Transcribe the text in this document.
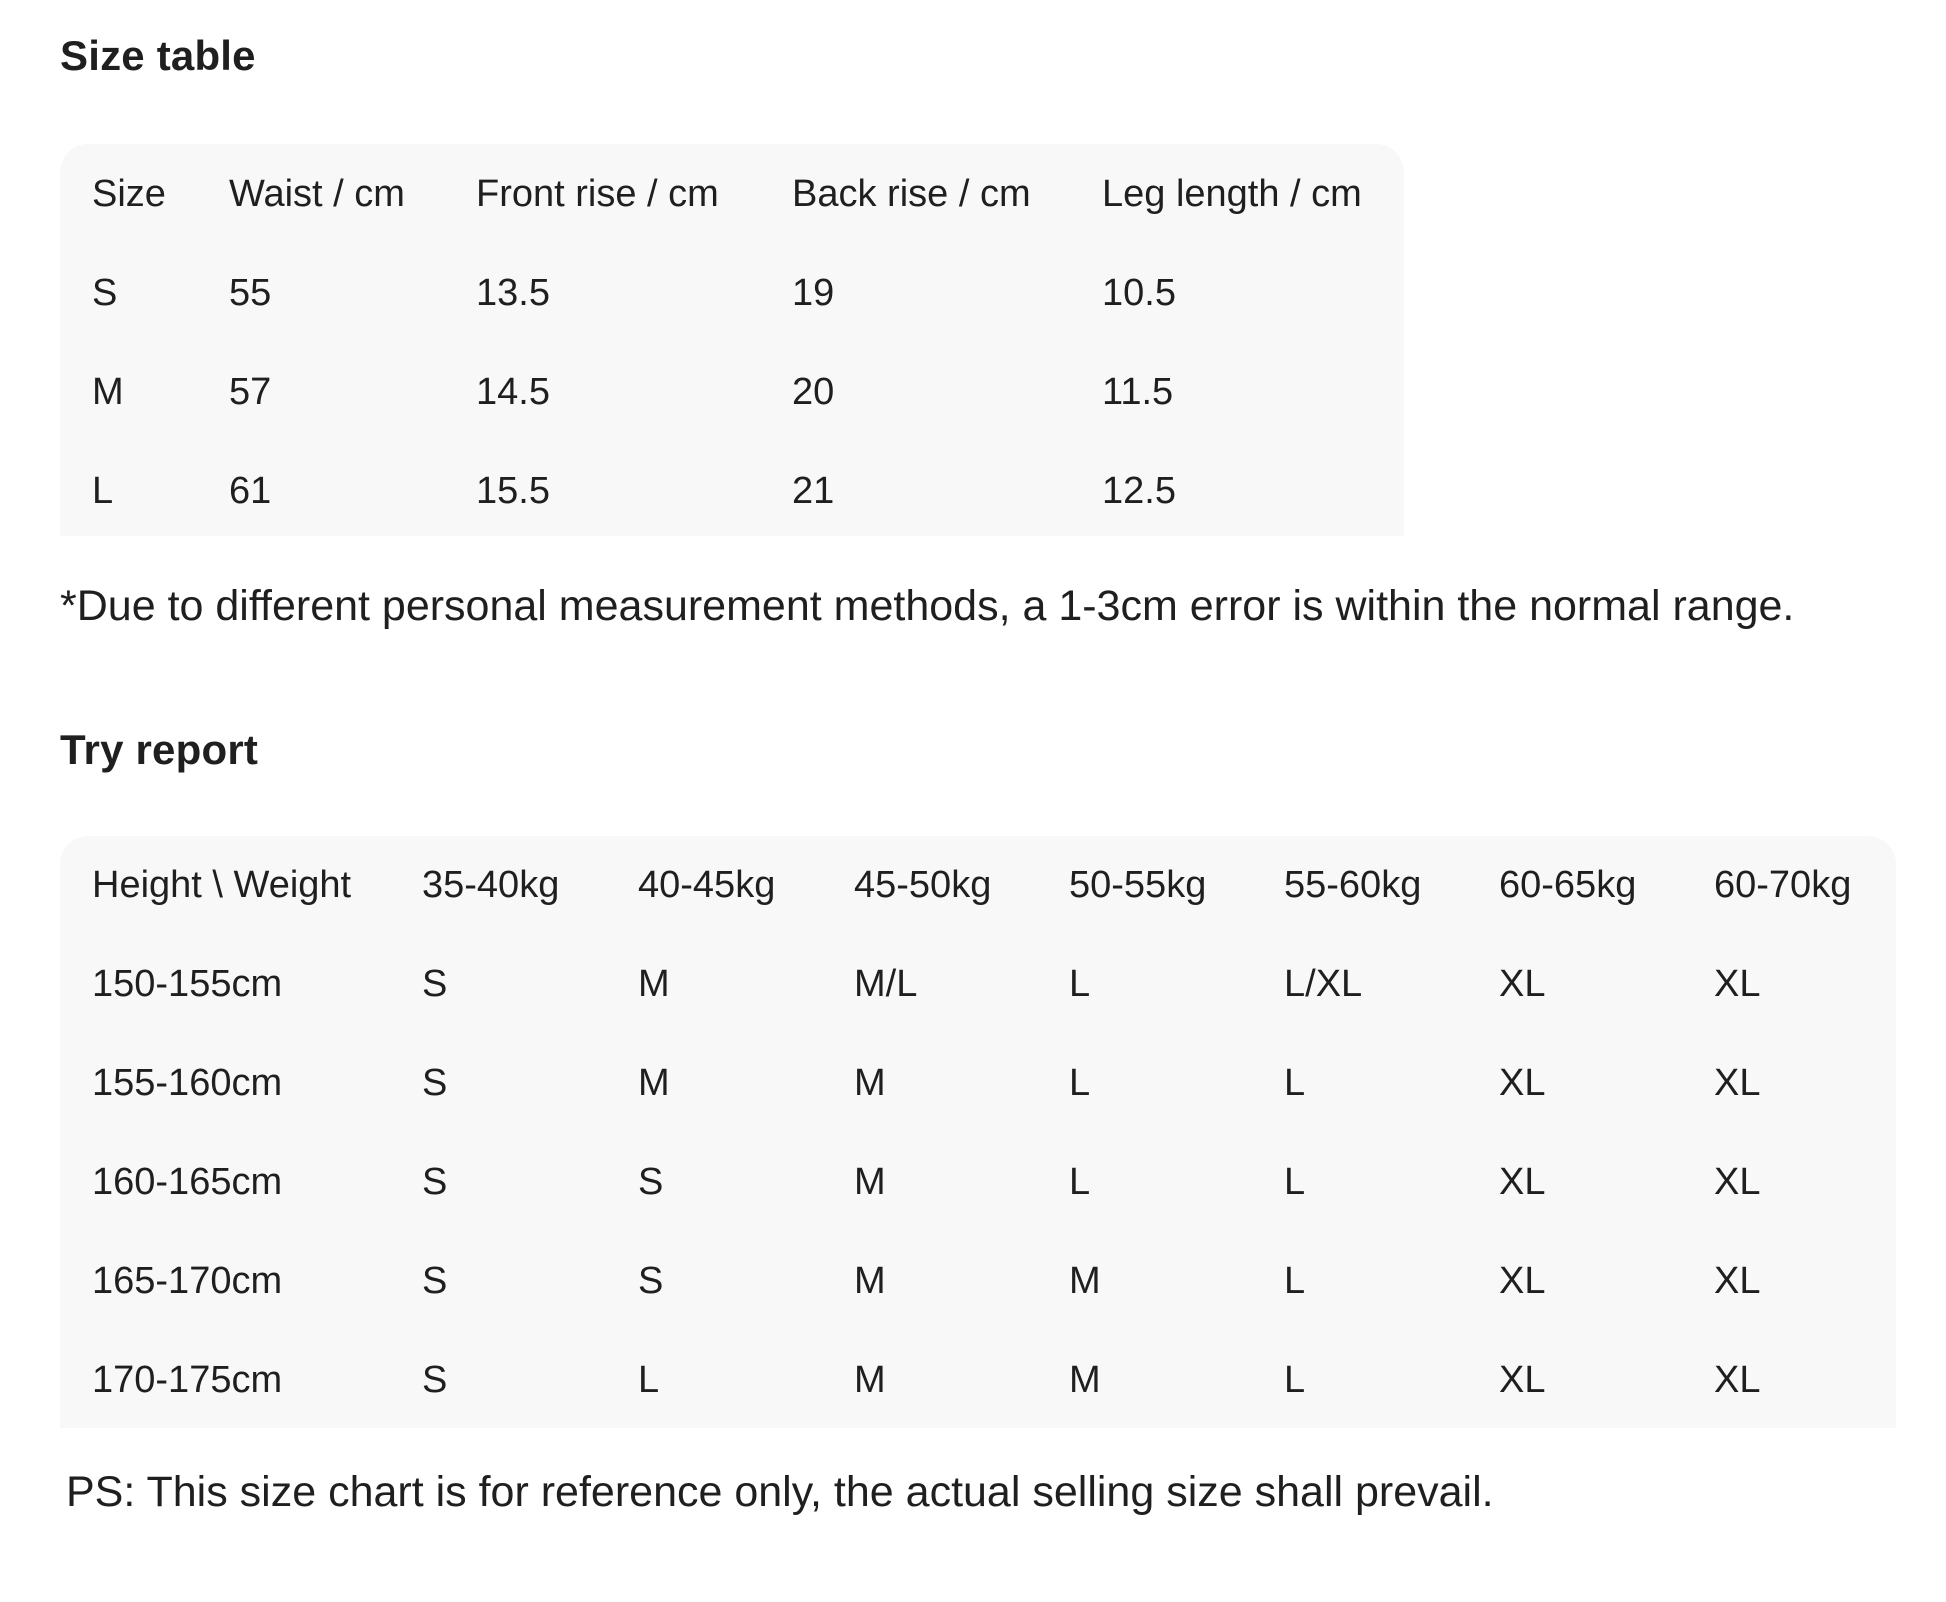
Size table
Size	Waist / cm	Front rise / cm	Back rise / cm	Leg length / cm
S	55	13.5	19	10.5
M	57	14.5	20	11.5
L	61	15.5	21	12.5

*Due to different personal measurement methods, a 1-3cm error is within the normal range.

Try report
Height \ Weight	35-40kg	40-45kg	45-50kg	50-55kg	55-60kg	60-65kg	60-70kg
150-155cm	S	M	M/L	L	L/XL	XL	XL
155-160cm	S	M	M	L	L	XL	XL
160-165cm	S	S	M	L	L	XL	XL
165-170cm	S	S	M	M	L	XL	XL
170-175cm	S	L	M	M	L	XL	XL

PS: This size chart is for reference only, the actual selling size shall prevail.
